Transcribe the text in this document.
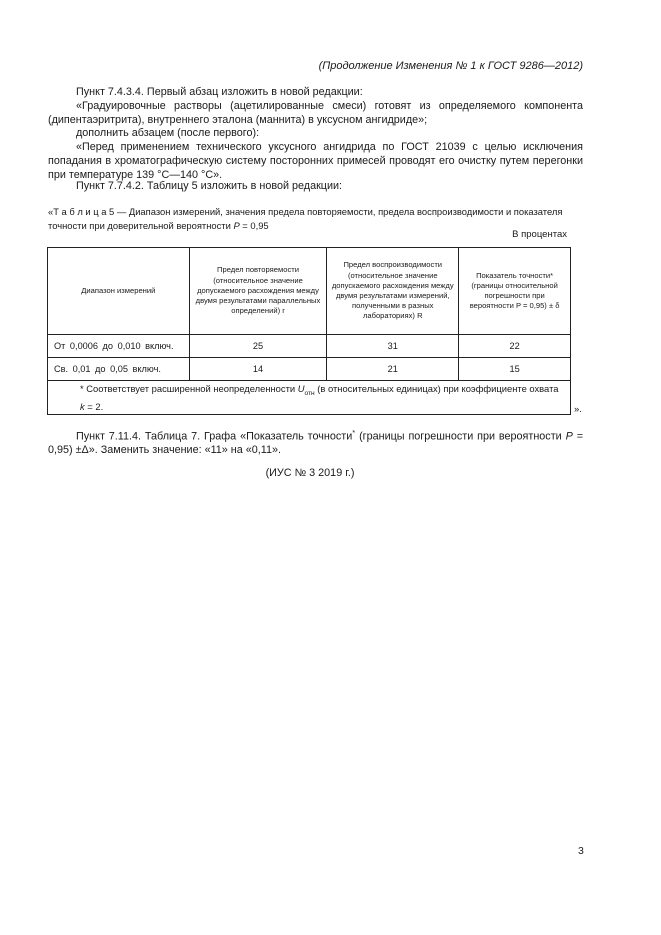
(Продолжение Изменения № 1 к ГОСТ 9286—2012)
Пункт 7.4.3.4. Первый абзац изложить в новой редакции:
«Градуировочные растворы (ацетилированные смеси) готовят из определяемого компонента (дипентаэритрита), внутреннего эталона (маннита) в уксусном ангидриде»;
дополнить абзацем (после первого):
«Перед применением технического уксусного ангидрида по ГОСТ 21039 с целью исключения попадания в хроматографическую систему посторонних примесей проводят его очистку путем перегонки при температуре 139 °С—140 °С».
Пункт 7.7.4.2. Таблицу 5 изложить в новой редакции:
«Т а б л и ц а 5 — Диапазон измерений, значения предела повторяемости, предела воспроизводимости и показателя точности при доверительной вероятности P = 0,95
В процентах
Диапазон измерений	Предел повторяемости (относительное значение допускаемого расхождения между двумя результатами параллельных определений) r	Предел воспроизводимости (относительное значение допускаемого расхождения между двумя результатами измерений, полученными в разных лабораториях) R	Показатель точности* (границы относительной погрешности при вероятности P = 0,95) ± δ
От 0,0006 до 0,010 включ.	25	31	22
Св. 0,01 до 0,05 включ.	14	21	15
* Соответствует расширенной неопределенности $U_{отн}$ (в относительных единицах) при коэффициенте охвата k = 2.				».
Пункт 7.11.4. Таблица 7. Графа «Показатель точности* (границы погрешности при вероятности P = 0,95) ±Δ». Заменить значение: «11» на «0,11».
(ИУС № 3 2019 г.)
3
